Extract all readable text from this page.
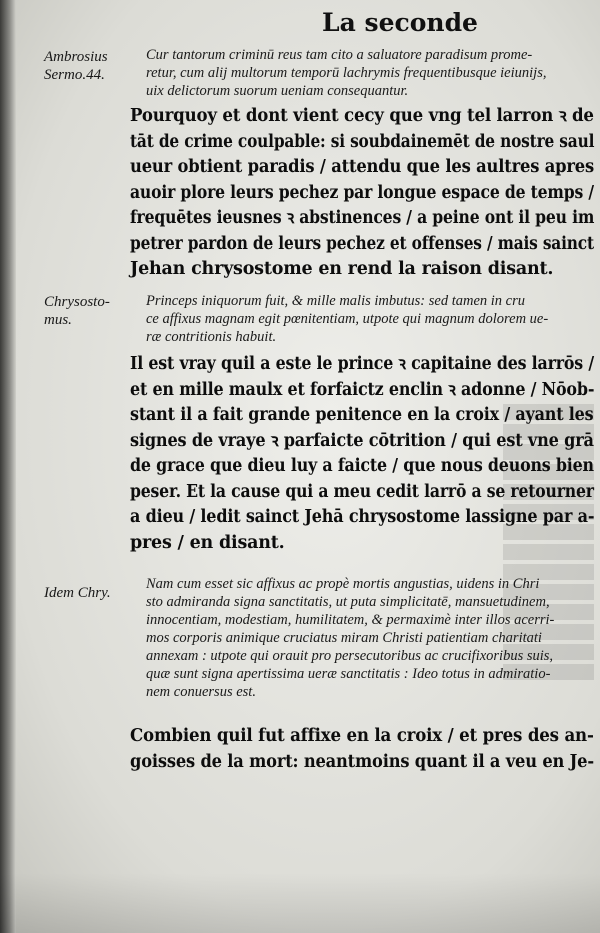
La seconde
Ambrosius
Sermo.44.
Chrysosto-
mus.
Idem Chry.
Cur tantorum criminū reus tam cito a saluatore paradisum prome-
retur, cum alij multorum temporū lachrymis frequentibusque ieiunijs,
uix delictorum suorum ueniam consequantur.
Pourquoy et dont vient cecy que vng tel larron ꝛ de
tāt de crime coulpable: si soubdainemēt de nostre saul
ueur obtient paradis / attendu que les aultres apres
auoir plore leurs pechez par longue espace de temps /
frequētes ieusnes ꝛ abstinences / a peine ont il peu im
petrer pardon de leurs pechez et offenses / mais sainct
Jehan chrysostome en rend la raison disant.
Princeps iniquorum fuit, & mille malis imbutus: sed tamen in cru
ce affixus magnam egit pœnitentiam, utpote qui magnum dolorem ue-
ræ contritionis habuit.
Il est vray quil a este le prince ꝛ capitaine des larrōs /
et en mille maulx et forfaictz enclin ꝛ adonne / Nōob-
stant il a fait grande penitence en la croix / ayant les
signes de vraye ꝛ parfaicte cōtrition / qui est vne grā
de grace que dieu luy a faicte / que nous deuons bien
peser. Et la cause qui a meu cedit larrō a se retourner
a dieu / ledit sainct Jehā chrysostome lassigne par a-
pres / en disant.
Nam cum esset sic affixus ac propè mortis angustias, uidens in Chri
sto admiranda signa sanctitatis, ut puta simplicitatē, mansuetudinem,
innocentiam, modestiam, humilitatem, & permaximè inter illos acerri-
mos corporis animique cruciatus miram Christi patientiam charitati
annexam : utpote qui orauit pro persecutoribus ac crucifixoribus suis,
quæ sunt signa apertissima ueræ sanctitatis : Ideo totus in admiratio-
nem conuersus est.
Combien quil fut affixe en la croix / et pres des an-
goisses de la mort: neantmoins quant il a veu en Je-
